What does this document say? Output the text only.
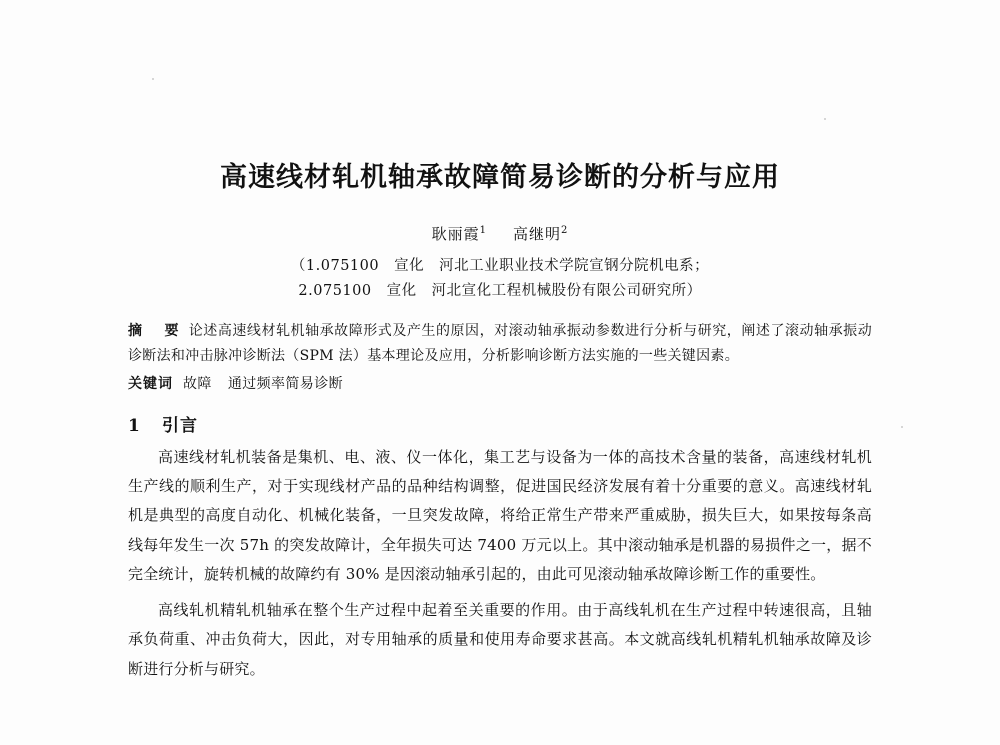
高速线材轧机轴承故障简易诊断的分析与应用
耿丽霞$^1$ 高继明$^2$
（1.075100　宣化　河北工业职业技术学院宣钢分院机电系；
2.075100　宣化　河北宣化工程机械股份有限公司研究所）
摘　要 论述高速线材轧机轴承故障形式及产生的原因，对滚动轴承振动参数进行分析与研究，阐述了滚动轴承振动诊断法和冲击脉冲诊断法（SPM 法）基本理论及应用，分析影响诊断方法实施的一些关键因素。
关键词 故障 通过频率简易诊断
1 引言
高速线材轧机装备是集机、电、液、仪一体化，集工艺与设备为一体的高技术含量的装备，高速线材轧机生产线的顺利生产，对于实现线材产品的品种结构调整，促进国民经济发展有着十分重要的意义。高速线材轧机是典型的高度自动化、机械化装备，一旦突发故障，将给正常生产带来严重威胁，损失巨大，如果按每条高线每年发生一次 57h 的突发故障计，全年损失可达 7400 万元以上。其中滚动轴承是机器的易损件之一，据不完全统计，旋转机械的故障约有 30% 是因滚动轴承引起的，由此可见滚动轴承故障诊断工作的重要性。
高线轧机精轧机轴承在整个生产过程中起着至关重要的作用。由于高线轧机在生产过程中转速很高，且轴承负荷重、冲击负荷大，因此，对专用轴承的质量和使用寿命要求甚高。本文就高线轧机精轧机轴承故障及诊断进行分析与研究。
